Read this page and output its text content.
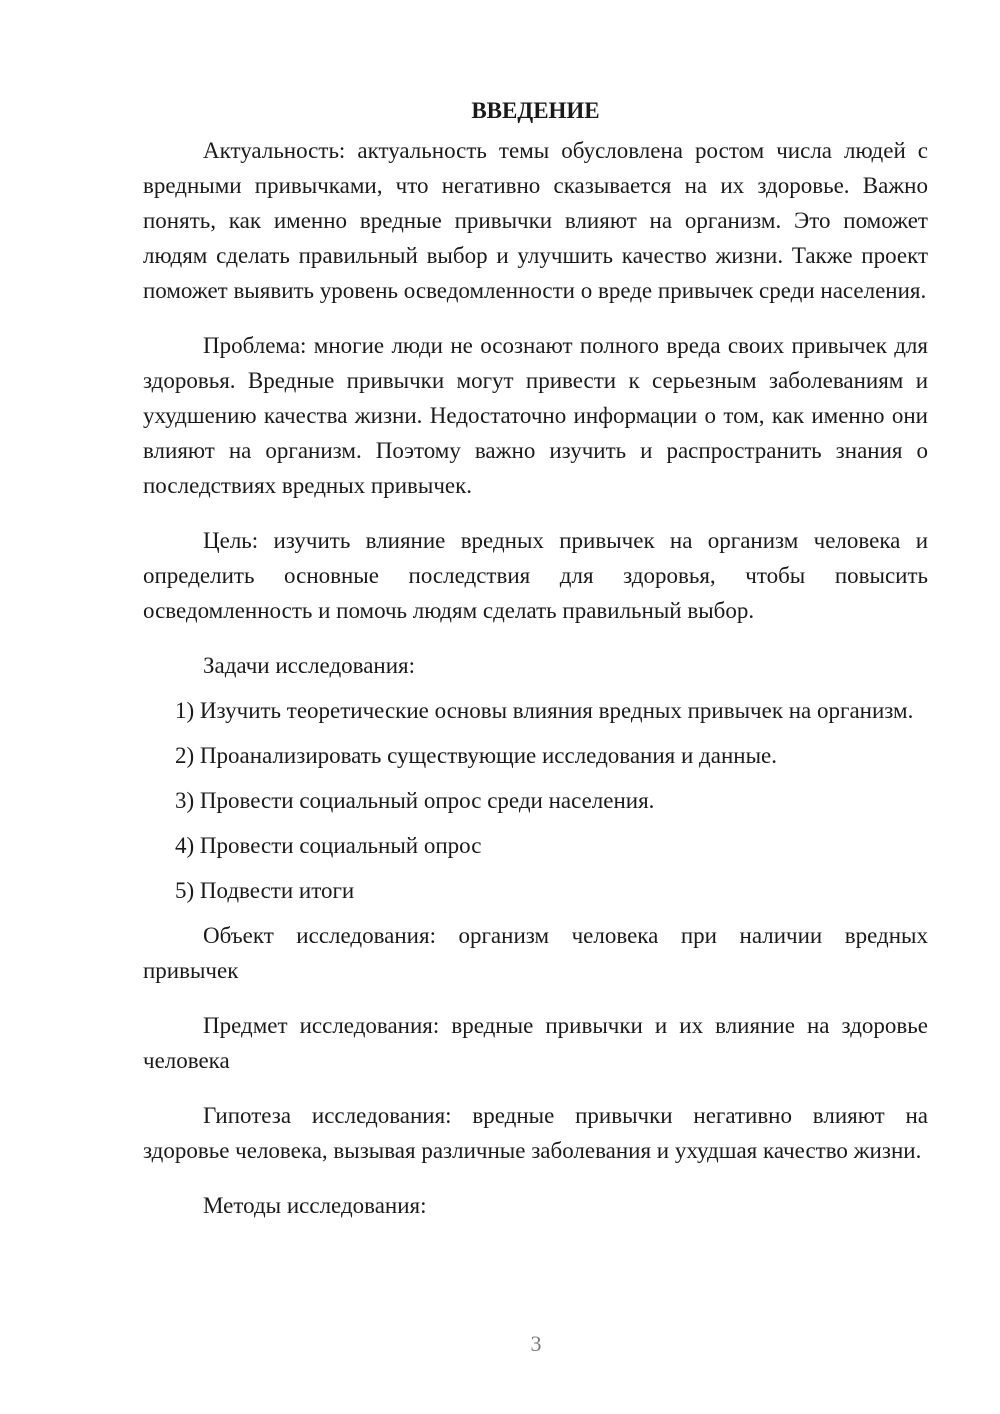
ВВЕДЕНИЕ

Актуальность: актуальность темы обусловлена ростом числа людей с вредными привычками, что негативно сказывается на их здоровье. Важно понять, как именно вредные привычки влияют на организм. Это поможет людям сделать правильный выбор и улучшить качество жизни. Также проект поможет выявить уровень осведомленности о вреде привычек среди населения.

Проблема: многие люди не осознают полного вреда своих привычек для здоровья. Вредные привычки могут привести к серьезным заболеваниям и ухудшению качества жизни. Недостаточно информации о том, как именно они влияют на организм. Поэтому важно изучить и распространить знания о последствиях вредных привычек.

Цель: изучить влияние вредных привычек на организм человека и определить основные последствия для здоровья, чтобы повысить осведомленность и помочь людям сделать правильный выбор.

Задачи исследования:

1) Изучить теоретические основы влияния вредных привычек на организм.

2) Проанализировать существующие исследования и данные.

3) Провести социальный опрос среди населения.

4) Провести социальный опрос

5) Подвести итоги

Объект исследования: организм человека при наличии вредных привычек

Предмет исследования: вредные привычки и их влияние на здоровье человека

Гипотеза исследования: вредные привычки негативно влияют на здоровье человека, вызывая различные заболевания и ухудшая качество жизни.

Методы исследования:

3
